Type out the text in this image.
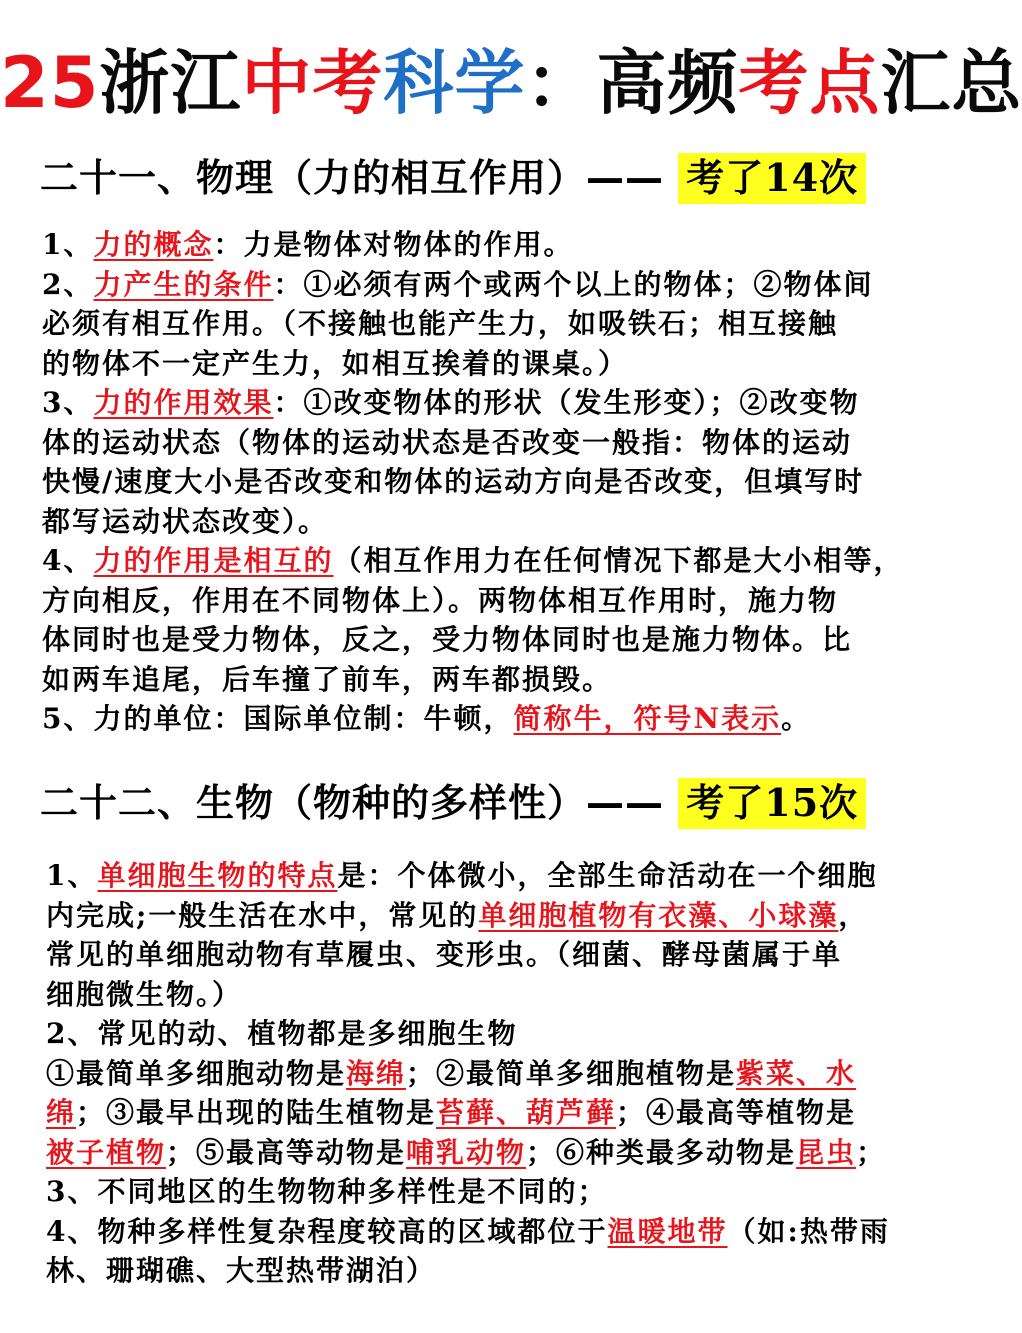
25浙江中考科学：高频考点汇总
二十一、物理（力的相互作用）—— 考了14次
1、力的概念：力是物体对物体的作用。
2、力产生的条件：①必须有两个或两个以上的物体；②物体间
必须有相互作用。（不接触也能产生力，如吸铁石；相互接触
的物体不一定产生力，如相互挨着的课桌。）
3、力的作用效果：①改变物体的形状（发生形变）；②改变物
体的运动状态（物体的运动状态是否改变一般指：物体的运动
快慢/速度大小是否改变和物体的运动方向是否改变，但填写时
都写运动状态改变）。
4、力的作用是相互的（相互作用力在任何情况下都是大小相等，
方向相反，作用在不同物体上）。两物体相互作用时，施力物
体同时也是受力物体，反之，受力物体同时也是施力物体。比
如两车追尾，后车撞了前车，两车都损毁。
5、力的单位：国际单位制：牛顿，简称牛，符号N表示。
二十二、生物（物种的多样性）—— 考了15次
1、单细胞生物的特点是：个体微小，全部生命活动在一个细胞
内完成;一般生活在水中，常见的单细胞植物有衣藻、小球藻，
常见的单细胞动物有草履虫、变形虫。（细菌、酵母菌属于单
细胞微生物。）
2、常见的动、植物都是多细胞生物
①最简单多细胞动物是海绵；②最简单多细胞植物是紫菜、水
绵；③最早出现的陆生植物是苔藓、葫芦藓；④最高等植物是
被子植物；⑤最高等动物是哺乳动物；⑥种类最多动物是昆虫；
3、不同地区的生物物种多样性是不同的；
4、物种多样性复杂程度较高的区域都位于温暖地带（如:热带雨
林、珊瑚礁、大型热带湖泊）
